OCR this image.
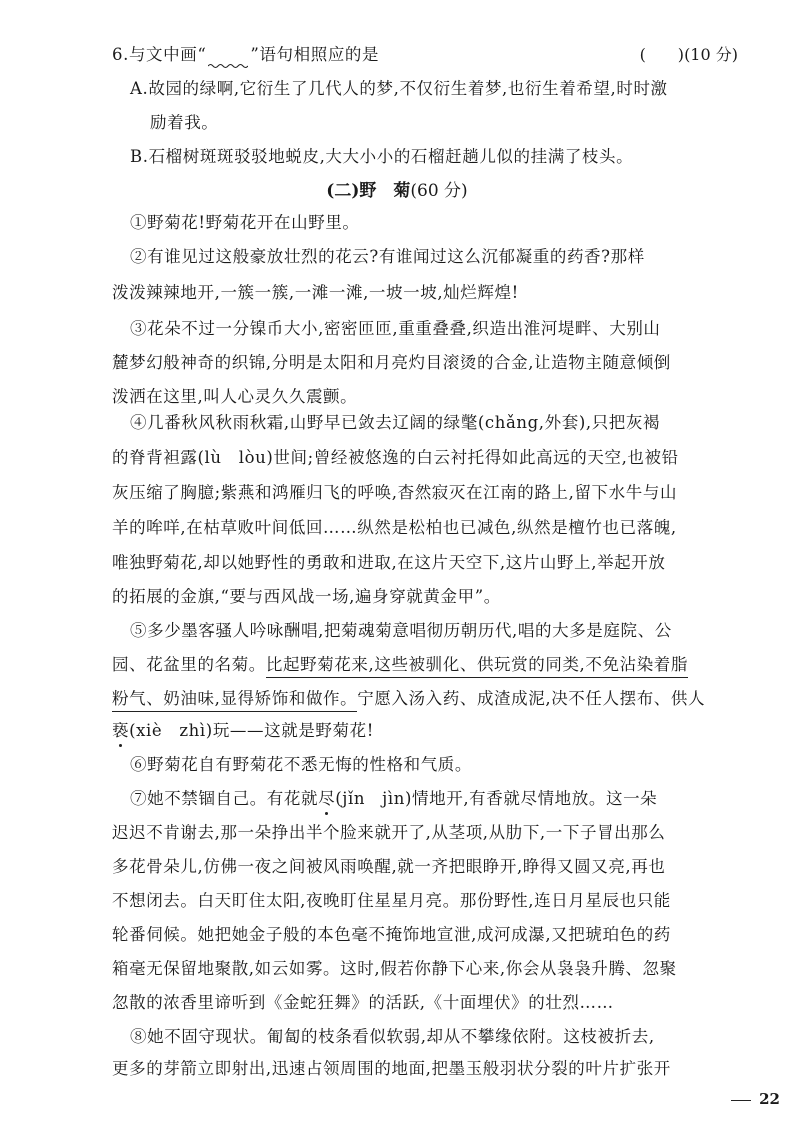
6.与文中画“	”语句相照应的是	(　　)(10 分)
A.故园的绿啊,它衍生了几代人的梦,不仅衍生着梦,也衍生着希望,时时激
励着我。
B.石榴树斑斑驳驳地蜕皮,大大小小的石榴赶趟儿似的挂满了枝头。
(二)野　菊(60 分)
①野菊花!野菊花开在山野里。
②有谁见过这般豪放壮烈的花云?有谁闻过这么沉郁凝重的药香?那样
泼泼辣辣地开,一簇一簇,一滩一滩,一坡一坡,灿烂辉煌!
③花朵不过一分镍币大小,密密匝匝,重重叠叠,织造出淮河堤畔、大别山
麓梦幻般神奇的织锦,分明是太阳和月亮灼目滚烫的合金,让造物主随意倾倒
泼洒在这里,叫人心灵久久震颤。
④几番秋风秋雨秋霜,山野早已敛去辽阔的绿氅(chǎng,外套),只把灰褐
的脊背袒露(lù　lòu)世间;曾经被悠逸的白云衬托得如此高远的天空,也被铅
灰压缩了胸臆;紫燕和鸿雁归飞的呼唤,杳然寂灭在江南的路上,留下水牛与山
羊的哞咩,在枯草败叶间低回……纵然是松柏也已减色,纵然是檀竹也已落魄,
唯独野菊花,却以她野性的勇敢和进取,在这片天空下,这片山野上,举起开放
的拓展的金旗,“要与西风战一场,遍身穿就黄金甲”。
⑤多少墨客骚人吟咏酬唱,把菊魂菊意唱彻历朝历代,唱的大多是庭院、公
园、花盆里的名菊。比起野菊花来,这些被驯化、供玩赏的同类,不免沾染着脂
粉气、奶油味,显得矫饰和做作。宁愿入汤入药、成渣成泥,决不任人摆布、供人
亵(xiè　zhì)玩——这就是野菊花!
⑥野菊花自有野菊花不悉无悔的性格和气质。
⑦她不禁锢自己。有花就尽(jǐn　jìn)情地开,有香就尽情地放。这一朵
迟迟不肯谢去,那一朵挣出半个脸来就开了,从茎项,从肋下,一下子冒出那么
多花骨朵儿,仿佛一夜之间被风雨唤醒,就一齐把眼睁开,睁得又圆又亮,再也
不想闭去。白天盯住太阳,夜晚盯住星星月亮。那份野性,连日月星辰也只能
轮番伺候。她把她金子般的本色毫不掩饰地宣泄,成河成瀑,又把琥珀色的药
箱毫无保留地聚散,如云如雾。这时,假若你静下心来,你会从袅袅升腾、忽聚
忽散的浓香里谛听到《金蛇狂舞》的活跃,《十面埋伏》的壮烈……
⑧她不固守现状。匍匐的枝条看似软弱,却从不攀缘依附。这枝被折去,
更多的芽箭立即射出,迅速占领周围的地面,把墨玉般羽状分裂的叶片扩张开
22
